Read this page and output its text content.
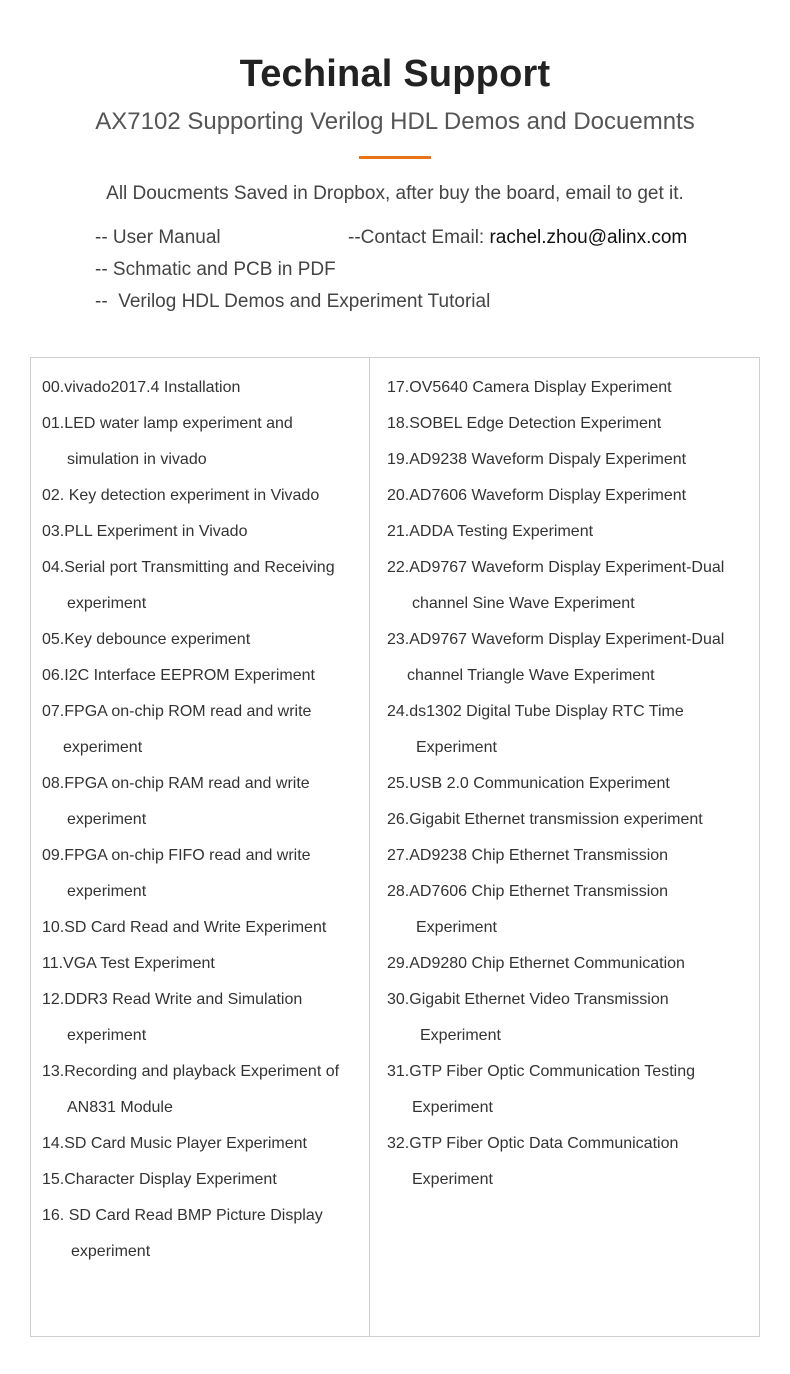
Techinal Support

AX7102 Supporting Verilog HDL Demos and Docuemnts

All Doucments Saved in Dropbox, after buy the board, email to get it.

-- User Manual
-- Schmatic and PCB in PDF
--  Verilog HDL Demos and Experiment Tutorial
--Contact Email: rachel.zhou@alinx.com
00.vivado2017.4 Installation
01.LED water lamp experiment and
simulation in vivado
02. Key detection experiment in Vivado
03.PLL Experiment in Vivado
04.Serial port Transmitting and Receiving
experiment
05.Key debounce experiment
06.I2C Interface EEPROM Experiment
07.FPGA on-chip ROM read and write
experiment
08.FPGA on-chip RAM read and write
experiment
09.FPGA on-chip FIFO read and write
experiment
10.SD Card Read and Write Experiment
11.VGA Test Experiment
12.DDR3 Read Write and Simulation
experiment
13.Recording and playback Experiment of
AN831 Module
14.SD Card Music Player Experiment
15.Character Display Experiment
16. SD Card Read BMP Picture Display
experiment
17.OV5640 Camera Display Experiment
18.SOBEL Edge Detection Experiment
19.AD9238 Waveform Dispaly Experiment
20.AD7606 Waveform Display Experiment
21.ADDA Testing Experiment
22.AD9767 Waveform Display Experiment-Dual
channel Sine Wave Experiment
23.AD9767 Waveform Display Experiment-Dual
channel Triangle Wave Experiment
24.ds1302 Digital Tube Display RTC Time
Experiment
25.USB 2.0 Communication Experiment
26.Gigabit Ethernet transmission experiment
27.AD9238 Chip Ethernet Transmission
28.AD7606 Chip Ethernet Transmission
Experiment
29.AD9280 Chip Ethernet Communication
30.Gigabit Ethernet Video Transmission
Experiment
31.GTP Fiber Optic Communication Testing
Experiment
32.GTP Fiber Optic Data Communication
Experiment
